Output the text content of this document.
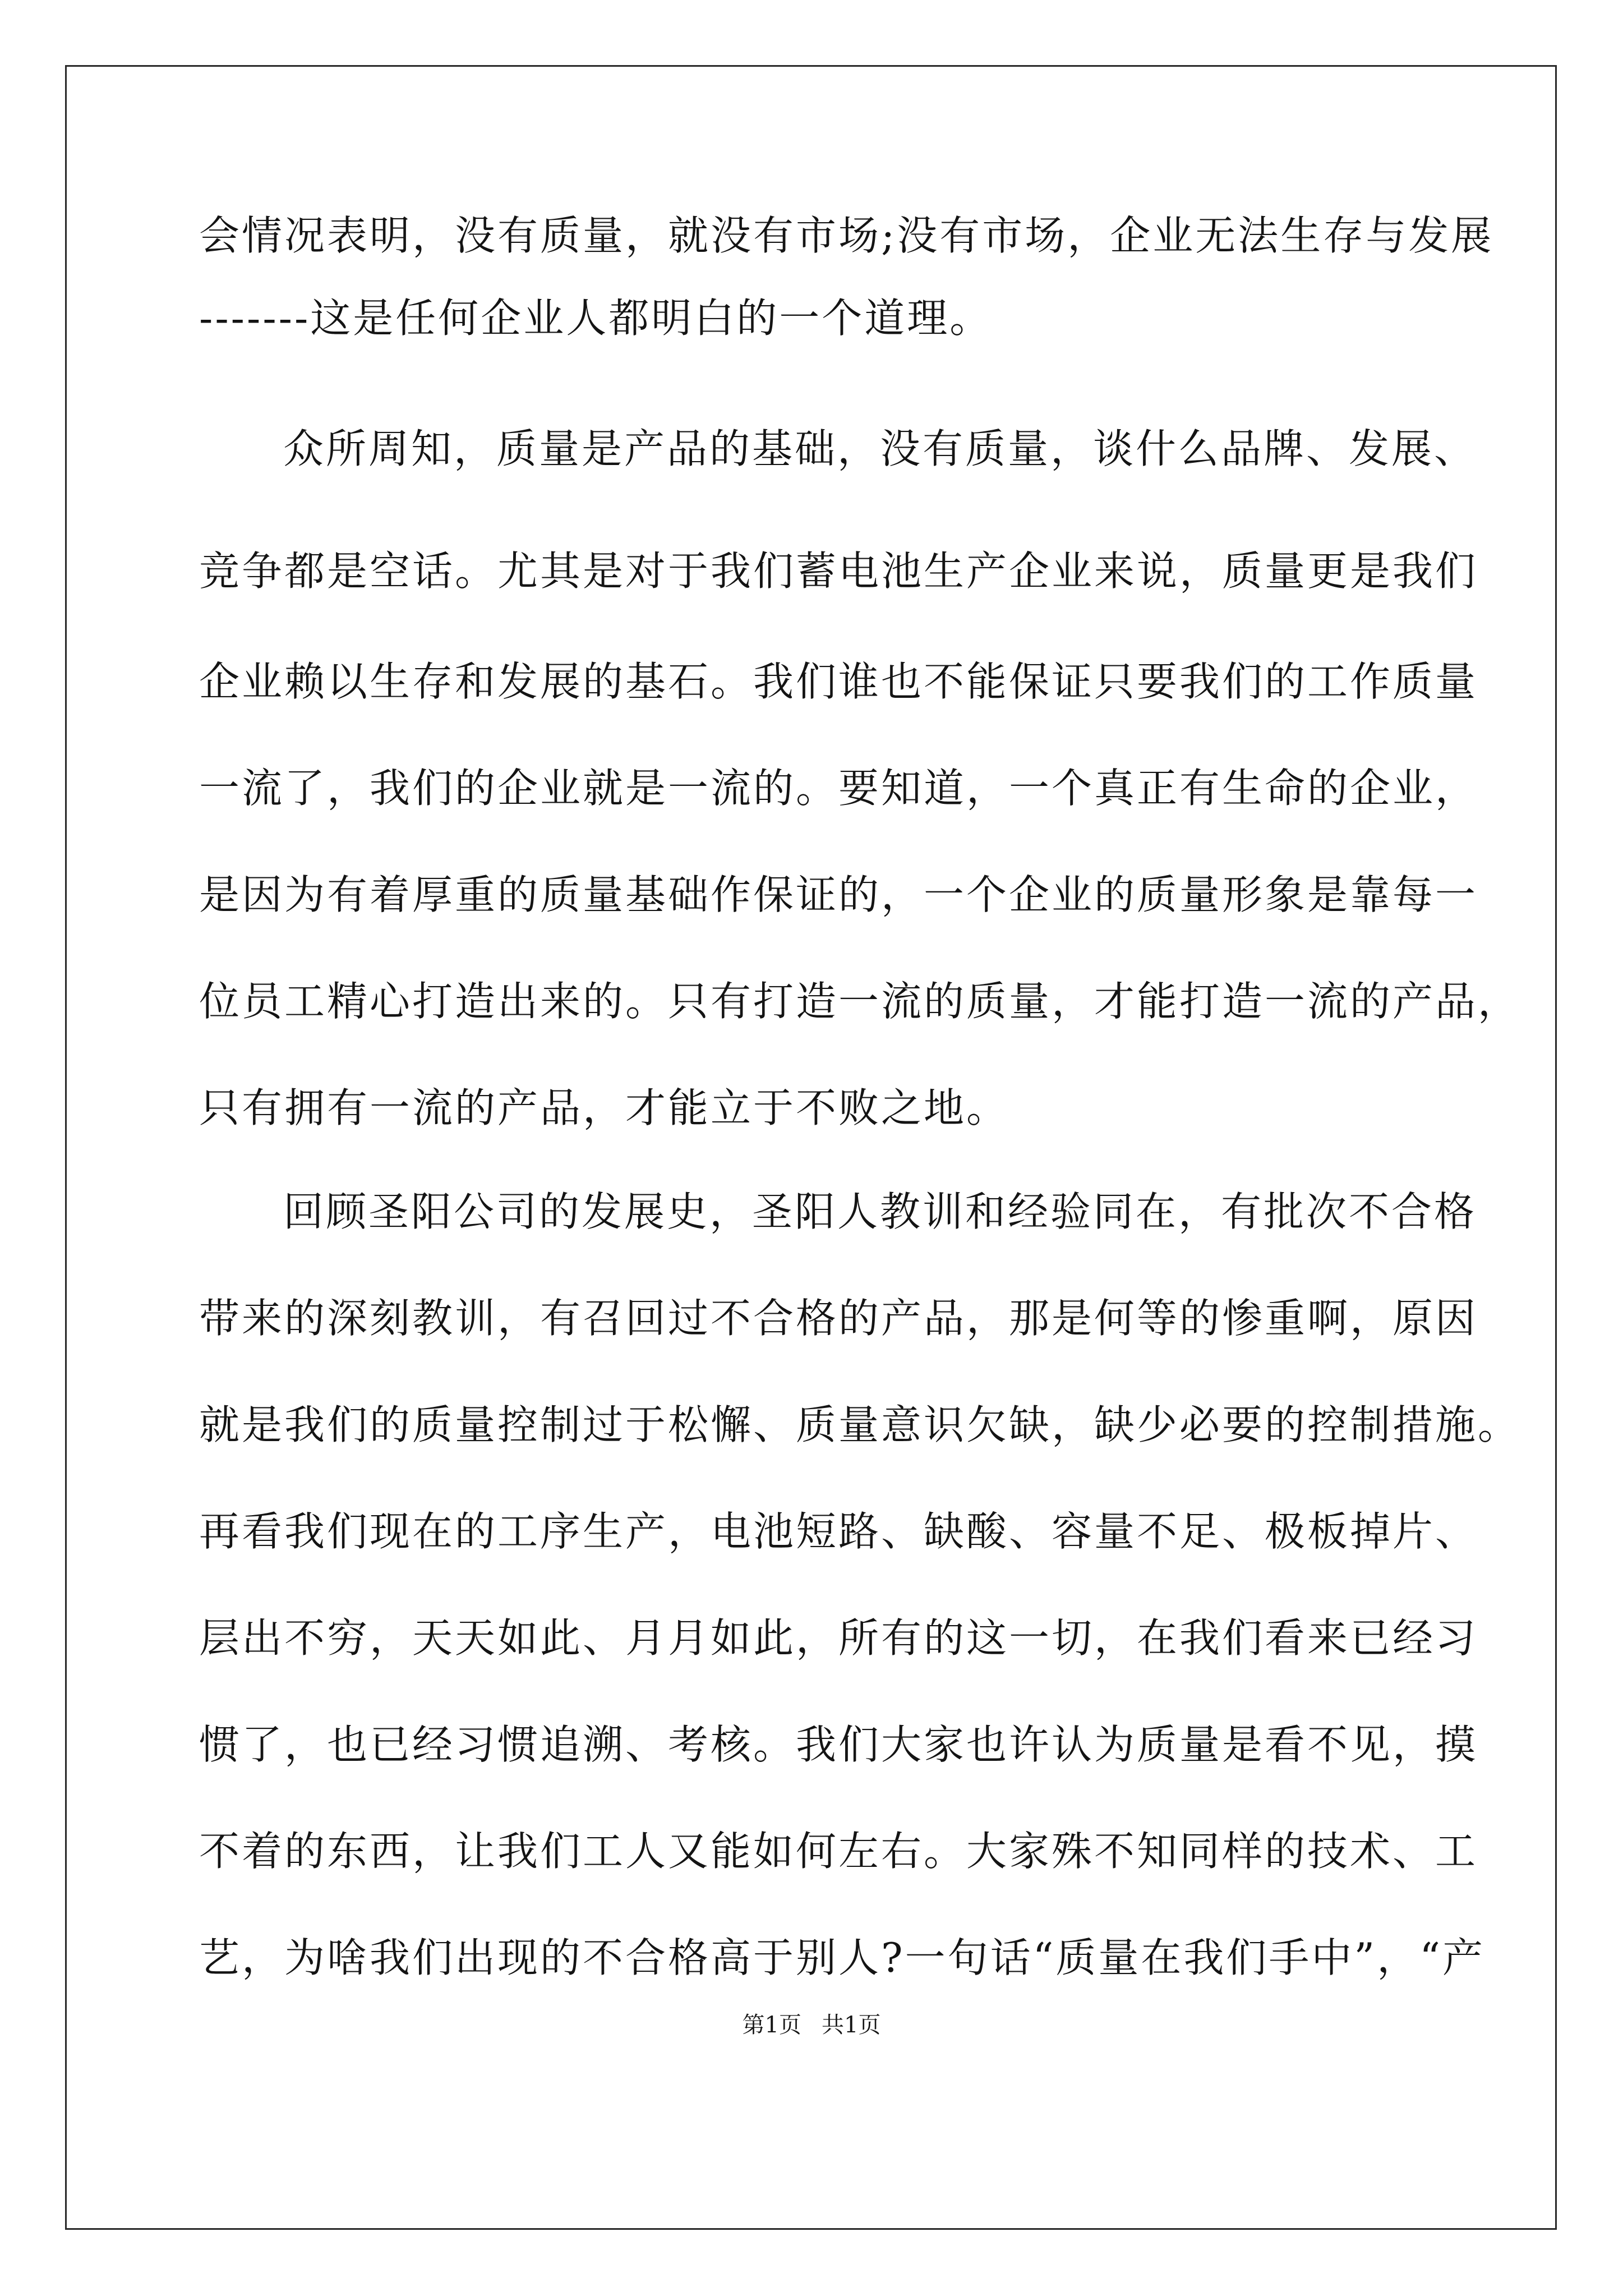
会情况表明，没有质量，就没有市场;没有市场，企业无法生存与发展
-------这是任何企业人都明白的一个道理。
众所周知，质量是产品的基础，没有质量，谈什么品牌、发展、
竞争都是空话。尤其是对于我们蓄电池生产企业来说，质量更是我们
企业赖以生存和发展的基石。我们谁也不能保证只要我们的工作质量
一流了，我们的企业就是一流的。要知道，一个真正有生命的企业，
是因为有着厚重的质量基础作保证的，一个企业的质量形象是靠每一
位员工精心打造出来的。只有打造一流的质量，才能打造一流的产品，
只有拥有一流的产品，才能立于不败之地。
回顾圣阳公司的发展史，圣阳人教训和经验同在，有批次不合格
带来的深刻教训，有召回过不合格的产品，那是何等的惨重啊，原因
就是我们的质量控制过于松懈、质量意识欠缺，缺少必要的控制措施。
再看我们现在的工序生产，电池短路、缺酸、容量不足、极板掉片、
层出不穷，天天如此、月月如此，所有的这一切，在我们看来已经习
惯了，也已经习惯追溯、考核。我们大家也许认为质量是看不见，摸
不着的东西，让我们工人又能如何左右。大家殊不知同样的技术、工
艺，为啥我们出现的不合格高于别人?一句话“质量在我们手中”，“产
第1页 共1页
